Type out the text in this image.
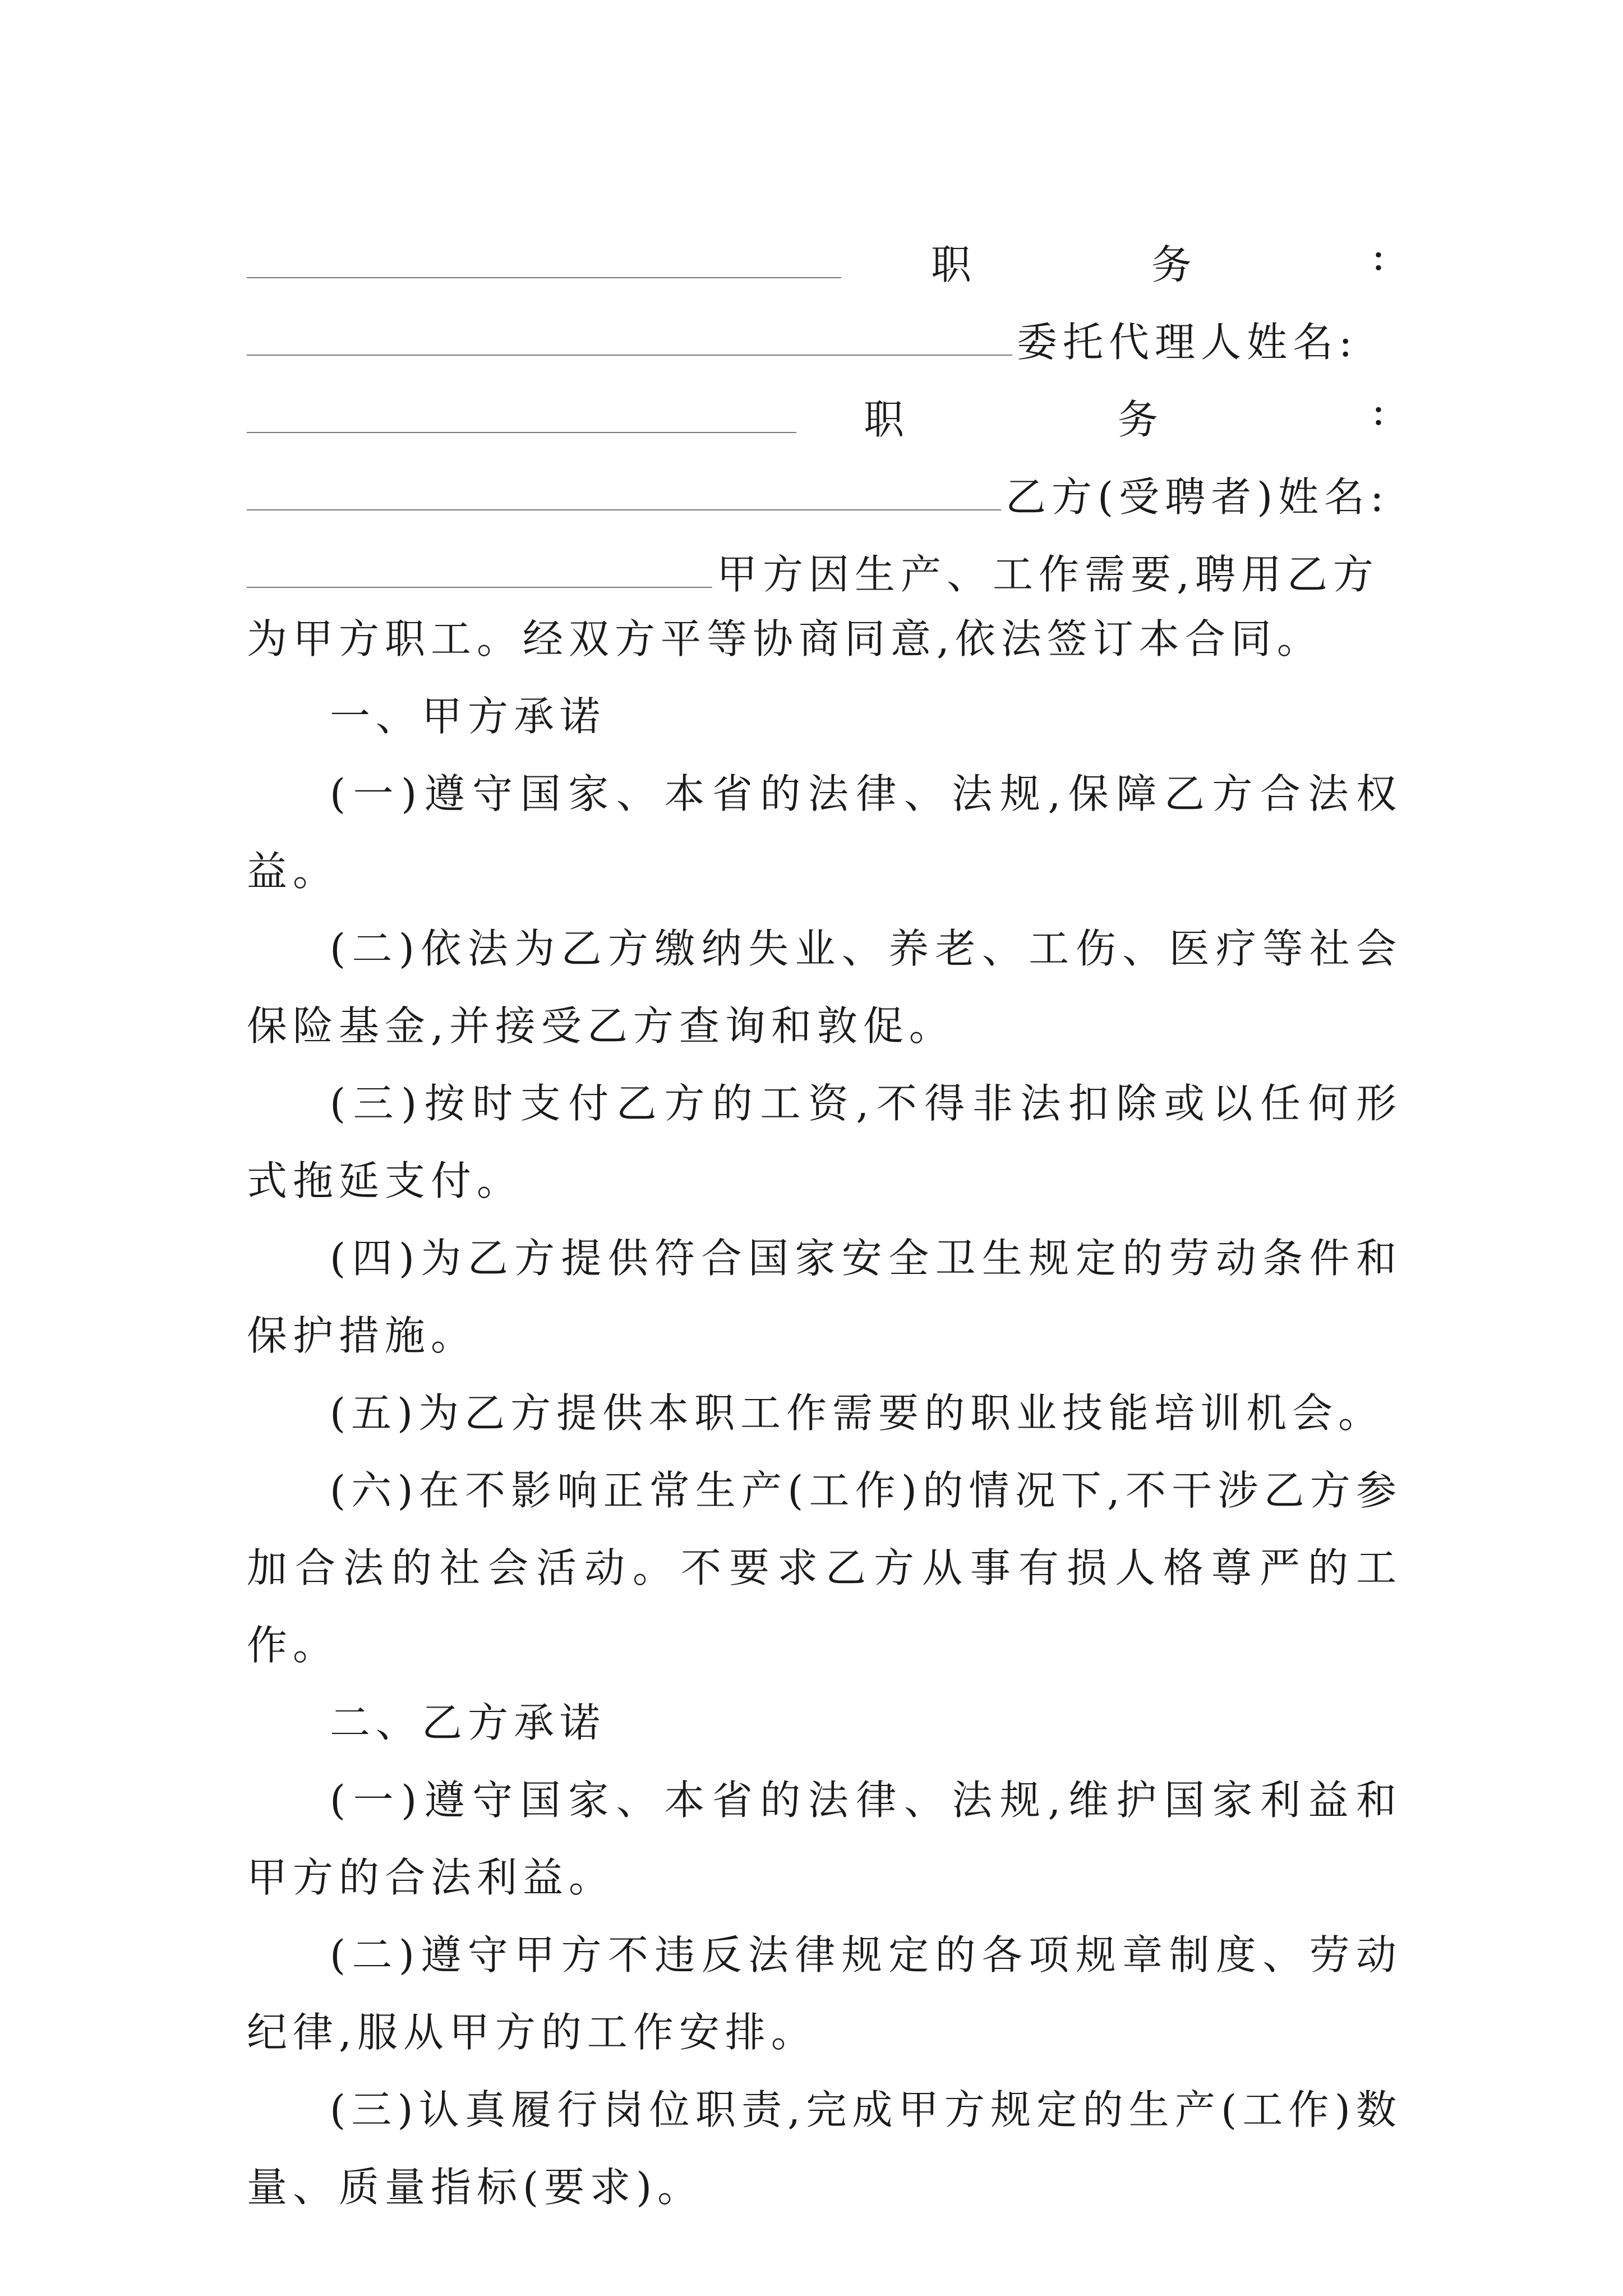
职	务	:

委托代理人姓名:

职	务	:

乙方(受聘者)姓名:

甲方因生产、工作需要,聘用乙方

为甲方职工。经双方平等协商同意,依法签订本合同。

一、甲方承诺

(一)遵守国家、本省的法律、法规,保障乙方合法权益。

(二)依法为乙方缴纳失业、养老、工伤、医疗等社会保险基金,并接受乙方查询和敦促。

(三)按时支付乙方的工资,不得非法扣除或以任何形式拖延支付。

(四)为乙方提供符合国家安全卫生规定的劳动条件和保护措施。

(五)为乙方提供本职工作需要的职业技能培训机会。

(六)在不影响正常生产(工作)的情况下,不干涉乙方参加合法的社会活动。不要求乙方从事有损人格尊严的工作。

二、乙方承诺

(一)遵守国家、本省的法律、法规,维护国家利益和甲方的合法利益。

(二)遵守甲方不违反法律规定的各项规章制度、劳动纪律,服从甲方的工作安排。

(三)认真履行岗位职责,完成甲方规定的生产(工作)数量、质量指标(要求)。
